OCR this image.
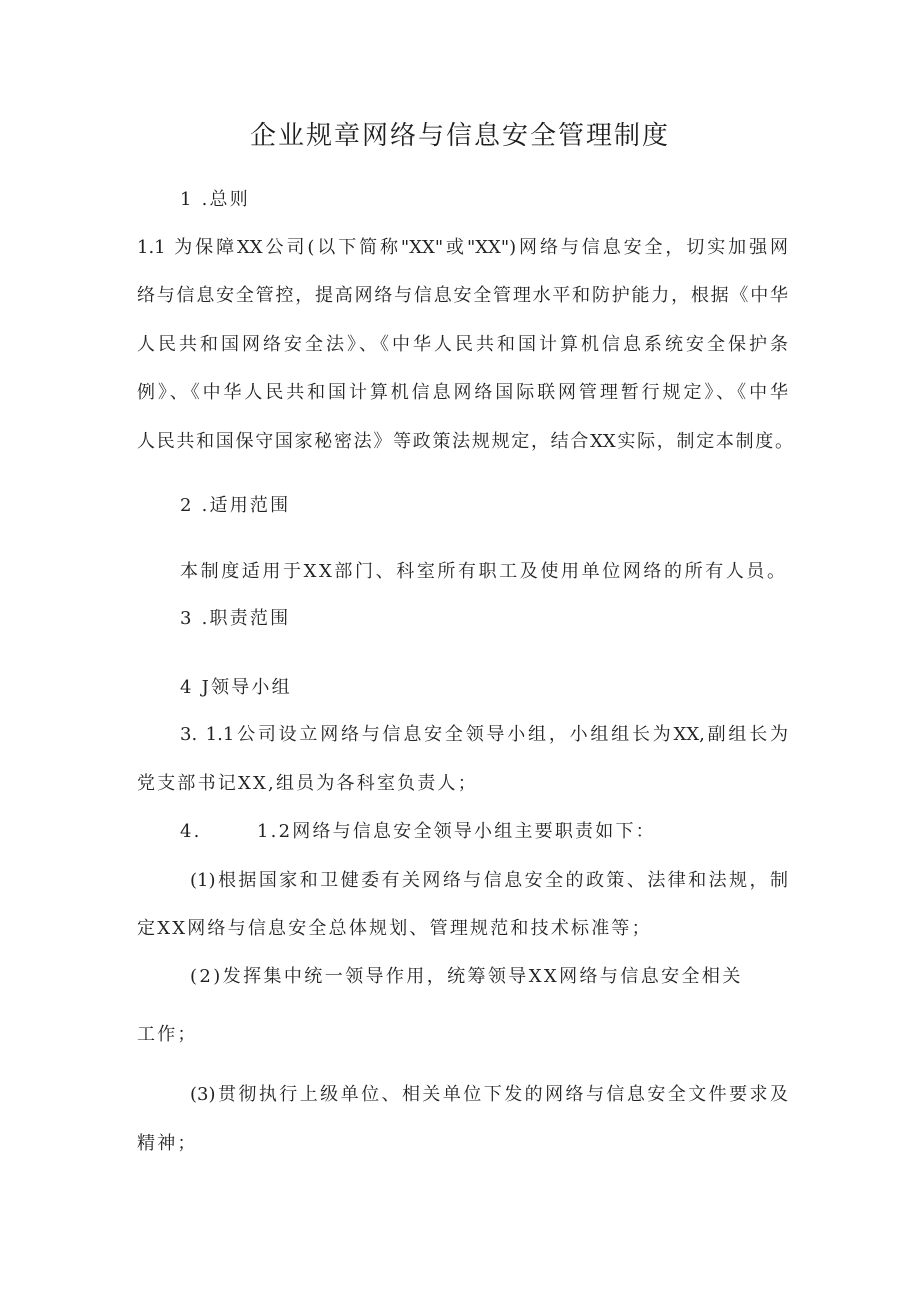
企业规章网络与信息安全管理制度
1 .总则
1.1 为保障XX公司(以下简称"XX"或"XX")网络与信息安全，切实加强网
络与信息安全管控，提高网络与信息安全管理水平和防护能力，根据《中华
人民共和国网络安全法》、《中华人民共和国计算机信息系统安全保护条
例》、《中华人民共和国计算机信息网络国际联网管理暂行规定》、《中华
人民共和国保守国家秘密法》等政策法规规定，结合XX实际，制定本制度。
2 .适用范围
本制度适用于XX部门、科室所有职工及使用单位网络的所有人员。
3 .职责范围
4 J领导小组
3. 1.1公司设立网络与信息安全领导小组，小组组长为XX,副组长为
党支部书记XX,组员为各科室负责人；
4.       1.2网络与信息安全领导小组主要职责如下：
(1)根据国家和卫健委有关网络与信息安全的政策、法律和法规，制
定XX网络与信息安全总体规划、管理规范和技术标准等；
(2)发挥集中统一领导作用，统筹领导XX网络与信息安全相关
工作；
(3)贯彻执行上级单位、相关单位下发的网络与信息安全文件要求及
精神；
